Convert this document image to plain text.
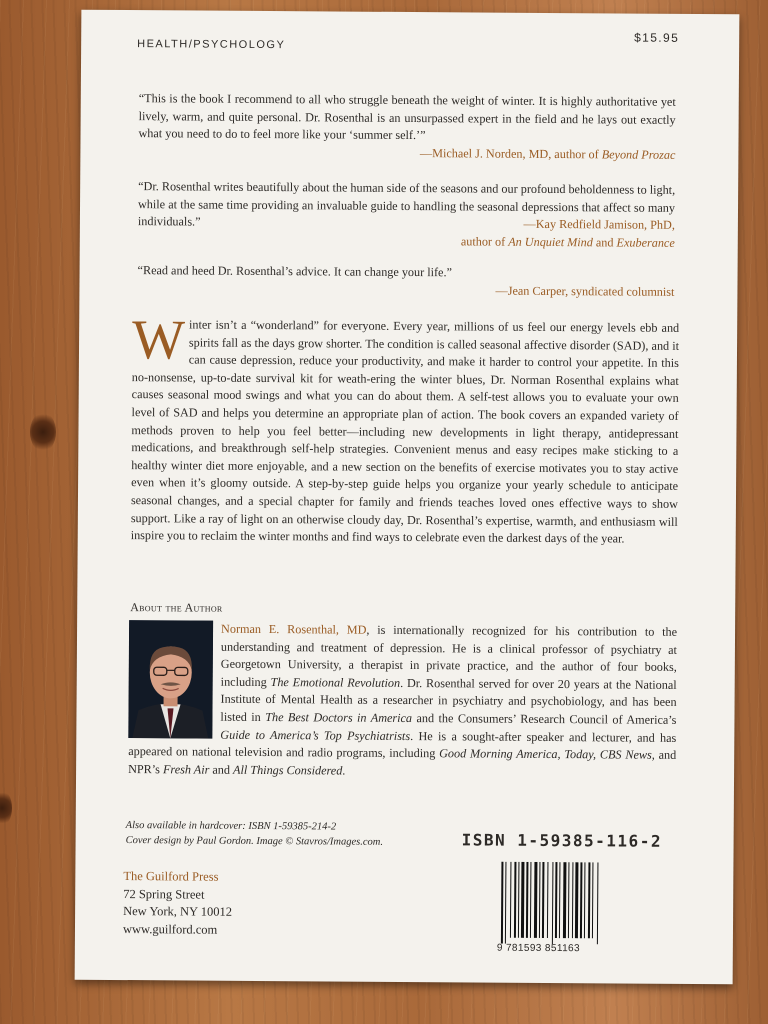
HEALTH/PSYCHOLOGY	$15.95
“This is the book I recommend to all who struggle beneath the weight of winter. It is highly authoritative yet lively, warm, and quite personal. Dr. Rosenthal is an unsurpassed expert in the field and he lays out exactly what you need to do to feel more like your ‘summer self.’”
—Michael J. Norden, MD, author of Beyond Prozac
“Dr. Rosenthal writes beautifully about the human side of the seasons and our profound beholdenness to light, while at the same time providing an invaluable guide to handling the seasonal depressions that affect so many individuals.”	—Kay Redfield Jamison, PhD,
author of An Unquiet Mind and Exuberance
“Read and heed Dr. Rosenthal’s advice. It can change your life.”
—Jean Carper, syndicated columnist
Winter isn’t a “wonderland” for everyone. Every year, millions of us feel our energy levels ebb and spirits fall as the days grow shorter. The condition is called seasonal affective disorder (SAD), and it can cause depression, reduce your productivity, and make it harder to control your appetite. In this no-nonsense, up-to-date survival kit for weath-ering the winter blues, Dr. Norman Rosenthal explains what causes seasonal mood swings and what you can do about them. A self-test allows you to evaluate your own level of SAD and helps you determine an appropriate plan of action. The book covers an expanded variety of methods proven to help you feel better—including new developments in light therapy, antidepressant medications, and breakthrough self-help strategies. Convenient menus and easy recipes make sticking to a healthy winter diet more enjoyable, and a new section on the benefits of exercise motivates you to stay active even when it’s gloomy outside. A step-by-step guide helps you organize your yearly schedule to anticipate seasonal changes, and a special chapter for family and friends teaches loved ones effective ways to show support. Like a ray of light on an otherwise cloudy day, Dr. Rosenthal’s expertise, warmth, and enthusiasm will inspire you to reclaim the winter months and find ways to celebrate even the darkest days of the year.
About the Author
Norman E. Rosenthal, MD, is internationally recognized for his contribution to the understanding and treatment of depression. He is a clinical professor of psychiatry at Georgetown University, a therapist in private practice, and the author of four books, including The Emotional Revolution. Dr. Rosenthal served for over 20 years at the National Institute of Mental Health as a researcher in psychiatry and psychobiology, and has been listed in The Best Doctors in America and the Consumers’ Research Council of America’s Guide to America’s Top Psychiatrists. He is a sought-after speaker and lecturer, and has appeared on national television and radio programs, including Good Morning America, Today, CBS News, and NPR’s Fresh Air and All Things Considered.
Also available in hardcover: ISBN 1-59385-214-2
Cover design by Paul Gordon. Image © Stavros/Images.com.	ISBN 1-59385-116-2
The Guilford Press
72 Spring Street
New York, NY 10012
www.guilford.com
9 781593 851163
